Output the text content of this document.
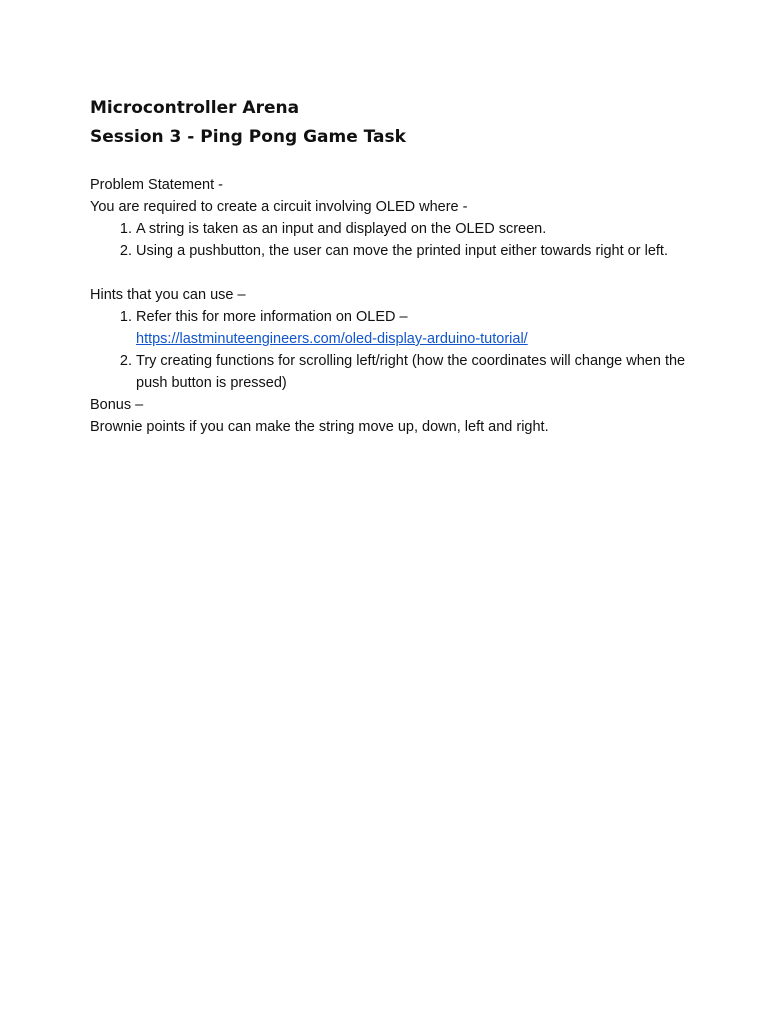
Microcontroller Arena
Session 3 - Ping Pong Game Task
Problem Statement -
You are required to create a circuit involving OLED where -
1. A string is taken as an input and displayed on the OLED screen.
2. Using a pushbutton, the user can move the printed input either towards right or left.
Hints that you can use –
1. Refer this for more information on OLED –
https://lastminuteengineers.com/oled-display-arduino-tutorial/
2. Try creating functions for scrolling left/right (how the coordinates will change when the push button is pressed)
Bonus –
Brownie points if you can make the string move up, down, left and right.
